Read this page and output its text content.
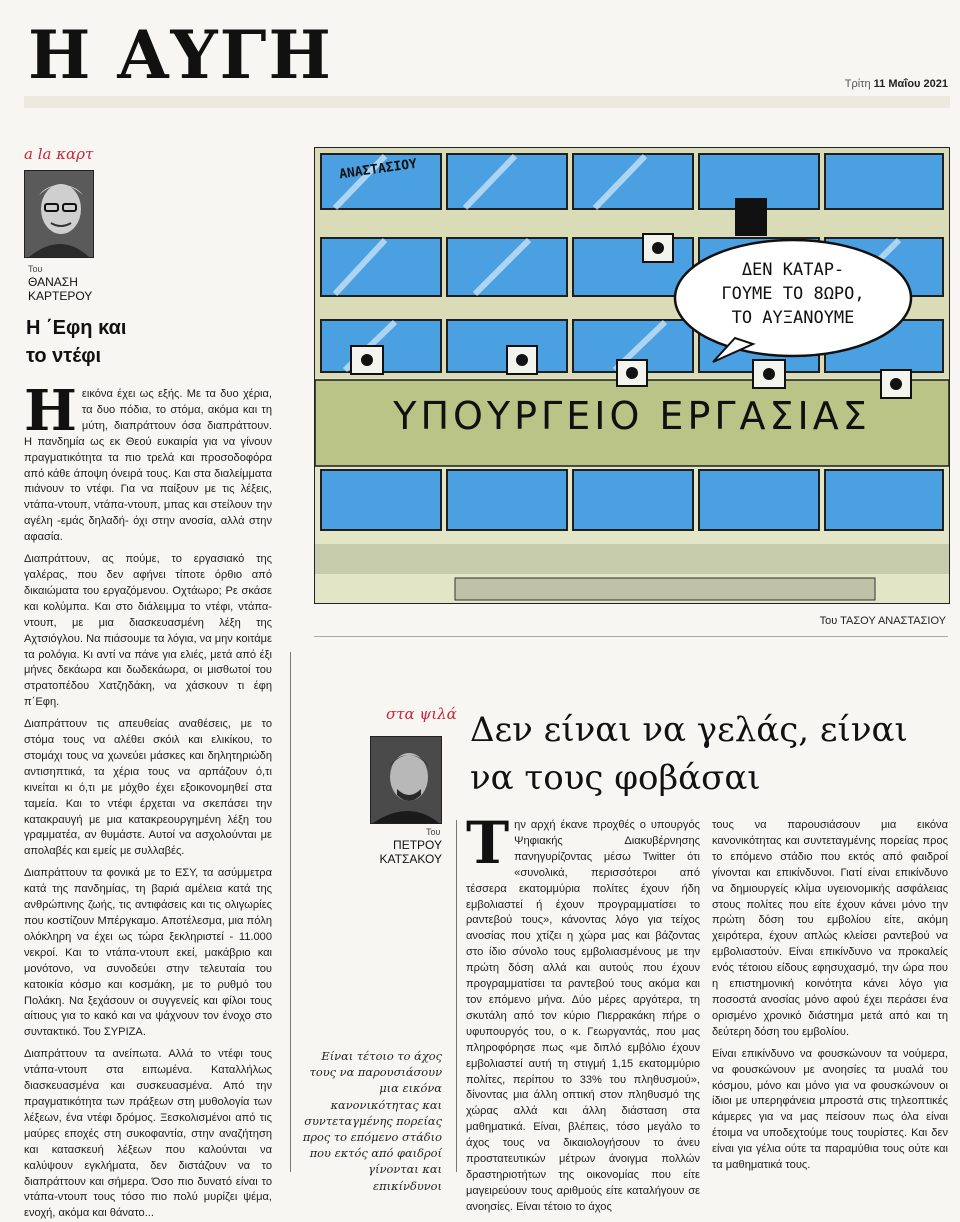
Η ΑΥΓΗ	Τρίτη 11 Μαΐου 2021
a la καρτ
Του
ΘΑΝΑΣΗ
ΚΑΡΤΕΡΟΥ
Η ΄Εφη και
το ντέφι

Η εικόνα έχει ως εξής. Με τα δυο χέρια, τα δυο πόδια, το στόμα, ακόμα και τη μύτη, διαπράττουν όσα διαπράττουν. Η πανδημία ως εκ Θεού ευκαιρία για να γίνουν πραγματικότητα τα πιο τρελά και προσοδοφόρα από κάθε άποψη όνειρά τους. Και στα διαλείμματα πιάνουν το ντέφι. Για να παίξουν με τις λέξεις, ντάπα-ντουπ, ντάπα-ντουπ, μπας και στείλουν την αγέλη -εμάς δηλαδή- όχι στην ανοσία, αλλά στην αφασία.

Διαπράττουν, ας πούμε, το εργασιακό της γαλέρας, που δεν αφήνει τίποτε όρθιο από δικαιώματα του εργαζόμενου. Οχτάωρο; Ρε σκάσε και κολύμπα. Και στο διάλειμμα το ντέφι, ντάπα-ντουπ, με μια διασκευασμένη λέξη της Αχτσιόγλου. Να πιάσουμε τα λόγια, να μην κοιτάμε τα ρολόγια. Κι αντί να πάνε για ελιές, μετά από έξι μήνες δεκάωρα και δωδεκάωρα, οι μισθωτοί του στρατοπέδου Χατζηδάκη, να χάσκουν τι έφη π΄Εφη.

Διαπράττουν τις απευθείας αναθέσεις, με το στόμα τους να αλέθει σκόιλ και ελικίκου, το στομάχι τους να χωνεύει μάσκες και δηλητηριώδη αντισηπτικά, τα χέρια τους να αρπάζουν ό,τι κινείται κι ό,τι με μόχθο έχει εξοικονομηθεί στα ταμεία. Και το ντέφι έρχεται να σκεπάσει την κατακραυγή με μια κατακρεουργημένη λέξη του γραμματέα, αν θυμάστε. Αυτοί να ασχολούνται με απολαβές και εμείς με συλλαβές.

Διαπράττουν τα φονικά με το ΕΣΥ, τα ασύμμετρα κατά της πανδημίας, τη βαριά αμέλεια κατά της ανθρώπινης ζωής, τις αντιφάσεις και τις ολιγωρίες που κοστίζουν Μπέργκαμο. Αποτέλεσμα, μια πόλη ολόκληρη να έχει ως τώρα ξεκληριστεί - 11.000 νεκροί. Και το ντάπα-ντουπ εκεί, μακάβριο και μονότονο, να συνοδεύει στην τελευταία του κατοικία κόσμο και κοσμάκη, με το ρυθμό του Πολάκη. Να ξεχάσουν οι συγγενείς και φίλοι τους αίτιους για το κακό και να ψάχνουν τον ένοχο στο συντακτικό. Του ΣΥΡΙΖΑ.

Διαπράττουν τα ανείπωτα. Αλλά το ντέφι τους ντάπα-ντουπ στα ειπωμένα. Καταλλήλως διασκευασμένα και συσκευασμένα. Από την πραγματικότητα των πράξεων στη μυθολογία των λέξεων, ένα ντέφι δρόμος. Ξεσκολισμένοι από τις μαύρες εποχές στη συκοφαντία, στην αναζήτηση και κατασκευή λέξεων που καλούνται να καλύψουν εγκλήματα, δεν διστάζουν να το διαπράττουν και σήμερα. Όσο πιο δυνατό είναι το ντάπα-ντουπ τους τόσο πιο πολύ μυρίζει ψέμα, ενοχή, ακόμα και θάνατο...

ΑΝΑΣΤΑΣΙΟΥ
ΔΕΝ ΚΑΤΑΡ-
ΓΟΥΜΕ ΤΟ 8ΩΡΟ,
ΤΟ ΑΥΞΑΝΟΥΜΕ
ΥΠΟΥΡΓΕΙΟ ΕΡΓΑΣΙΑΣ
Του ΤΑΣΟΥ ΑΝΑΣΤΑΣΙΟΥ
στα ψιλά
Του
ΠΕΤΡΟΥ
ΚΑΤΣΑΚΟΥ
Δεν είναι να γελάς, είναι
να τους φοβάσαι
Είναι τέτοιο το άχος τους να παρουσιάσουν μια εικόνα κανονικότητας και συντεταγμένης πορείας προς το επόμενο στάδιο που εκτός από φαιδροί γίνονται και επικίνδυνοι

Την αρχή έκανε προχθές ο υπουργός Ψηφιακής Διακυβέρνησης πανηγυρίζοντας μέσω Twitter ότι «συνολικά, περισσότεροι από τέσσερα εκατομμύρια πολίτες έχουν ήδη εμβολιαστεί ή έχουν προγραμματίσει το ραντεβού τους», κάνοντας λόγο για τείχος ανοσίας που χτίζει η χώρα μας και βάζοντας στο ίδιο σύνολο τους εμβολιασμένους με την πρώτη δόση αλλά και αυτούς που έχουν προγραμματίσει τα ραντεβού τους ακόμα και τον επόμενο μήνα. Δύο μέρες αργότερα, τη σκυτάλη από τον κύριο Πιερρακάκη πήρε ο υφυπουργός του, ο κ. Γεωργαντάς, που μας πληροφόρησε πως «με διπλό εμβόλιο έχουν εμβολιαστεί αυτή τη στιγμή 1,15 εκατομμύριο πολίτες, περίπου το 33% του πληθυσμού», δίνοντας μια άλλη οπτική στον πληθυσμό της χώρας αλλά και άλλη διάσταση στα μαθηματικά. Είναι, βλέπεις, τόσο μεγάλο το άχος τους να δικαιολογήσουν το άνευ προστατευτικών μέτρων άνοιγμα πολλών δραστηριοτήτων της οικονομίας που είτε μαγειρεύουν τους αριθμούς είτε καταλήγουν σε ανοησίες. Είναι τέτοιο το άχος

τους να παρουσιάσουν μια εικόνα κανονικότητας και συντεταγμένης πορείας προς το επόμενο στάδιο που εκτός από φαιδροί γίνονται και επικίνδυνοι. Γιατί είναι επικίνδυνο να δημιουργείς κλίμα υγειονομικής ασφάλειας στους πολίτες που είτε έχουν κάνει μόνο την πρώτη δόση του εμβολίου είτε, ακόμη χειρότερα, έχουν απλώς κλείσει ραντεβού να εμβολιαστούν. Είναι επικίνδυνο να προκαλείς ενός τέτοιου είδους εφησυχασμό, την ώρα που η επιστημονική κοινότητα κάνει λόγο για ποσοστά ανοσίας μόνο αφού έχει περάσει ένα ορισμένο χρονικό διάστημα μετά από και τη δεύτερη δόση του εμβολίου.

Είναι επικίνδυνο να φουσκώνουν τα νούμερα, να φουσκώνουν με ανοησίες τα μυαλά του κόσμου, μόνο και μόνο για να φουσκώνουν οι ίδιοι με υπερηφάνεια μπροστά στις τηλεοπτικές κάμερες για να μας πείσουν πως όλα είναι έτοιμα να υποδεχτούμε τους τουρίστες. Και δεν είναι για γέλια ούτε τα παραμύθια τους ούτε και τα μαθηματικά τους.
